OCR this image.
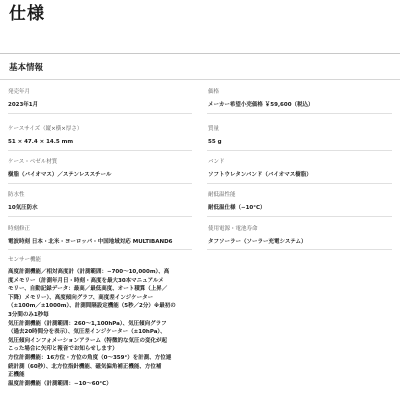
仕様
基本情報
発売年月
2023年1月
価格
メーカー希望小売価格 ￥59,600（税込）
ケースサイズ（縦×横×厚さ）
51 × 47.4 × 14.5 mm
質量
55 g
ケース・ベゼル材質
樹脂（バイオマス）／ステンレススチール
バンド
ソフトウレタンバンド（バイオマス樹脂）
防水性
10気圧防水
耐低温性能
耐低温仕様（−10°C）
時刻修正
電波時刻 日本・北米・ヨーロッパ・中国地域対応 MULTIBAND6
使用電源・電池寿命
タフソーラー（ソーラー充電システム）
センサー機能
高度計測機能／相対高度計（計測範囲：−700〜10,000m）、高
度メモリー（計測年月日・時刻・高度を最大30本マニュアルメ
モリー、自動記録データ：最高／最低高度、オート積算（上昇／
下降）メモリー）、高度傾向グラフ、高度差インジケーター
（±100m／±1000m）、計測間隔設定機能（5秒／2分）※最初の
3分間のみ1秒毎
気圧計測機能（計測範囲：260〜1,100hPa）、気圧傾向グラフ
（過去20時間分を表示）、気圧差インジケーター（±10hPa）、
気圧傾向インフォメーションアラーム（特徴的な気圧の変化が起
こった場合に矢印と報音でお知らせします）
方位計測機能：16方位・方位の角度（0〜359°）を計測、方位連
続計測（60秒）、北方位指針機能、磁気偏角補正機能、方位補
正機能
温度計測機能（計測範囲：−10〜60°C）
